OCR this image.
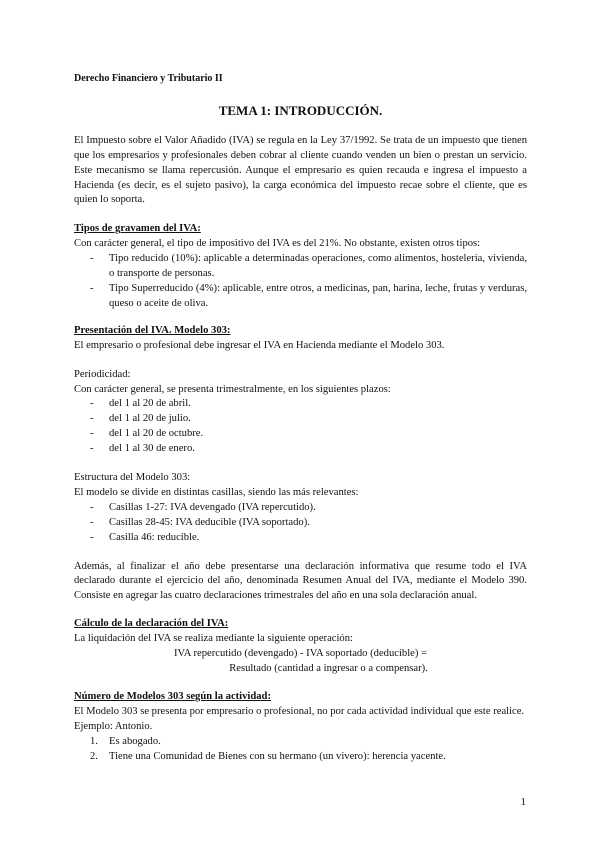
Derecho Financiero y Tributario II

TEMA 1: INTRODUCCIÓN.

El Impuesto sobre el Valor Añadido (IVA) se regula en la Ley 37/1992. Se trata de un impuesto que tienen que los empresarios y profesionales deben cobrar al cliente cuando venden un bien o prestan un servicio. Este mecanismo se llama repercusión. Aunque el empresario es quien recauda e ingresa el impuesto a Hacienda (es decir, es el sujeto pasivo), la carga económica del impuesto recae sobre el cliente, que es quien lo soporta.

Tipos de gravamen del IVA:

Con carácter general, el tipo de impositivo del IVA es del 21%. No obstante, existen otros tipos:

- Tipo reducido (10%): aplicable a determinadas operaciones, como alimentos, hostelería, vivienda, o transporte de personas.
- Tipo Superreducido (4%): aplicable, entre otros, a medicinas, pan, harina, leche, frutas y verduras, queso o aceite de oliva.

Presentación del IVA. Modelo 303:

El empresario o profesional debe ingresar el IVA en Hacienda mediante el Modelo 303.

Periodicidad:

Con carácter general, se presenta trimestralmente, en los siguientes plazos:

- del 1 al 20 de abril.
- del 1 al 20 de julio.
- del 1 al 20 de octubre.
- del 1 al 30 de enero.

Estructura del Modelo 303:

El modelo se divide en distintas casillas, siendo las más relevantes:

- Casillas 1-27: IVA devengado (IVA repercutido).
- Casillas 28-45: IVA deducible (IVA soportado).
- Casilla 46: reducible.

Además, al finalizar el año debe presentarse una declaración informativa que resume todo el IVA declarado durante el ejercicio del año, denominada Resumen Anual del IVA, mediante el Modelo 390. Consiste en agregar las cuatro declaraciones trimestrales del año en una sola declaración anual.

Cálculo de la declaración del IVA:

La liquidación del IVA se realiza mediante la siguiente operación:

IVA repercutido (devengado) - IVA soportado (deducible) =
Resultado (cantidad a ingresar o a compensar).

Número de Modelos 303 según la actividad:

El Modelo 303 se presenta por empresario o profesional, no por cada actividad individual que este realice.

Ejemplo: Antonio.

1. Es abogado.
2. Tiene una Comunidad de Bienes con su hermano (un vivero): herencia yacente.
1
